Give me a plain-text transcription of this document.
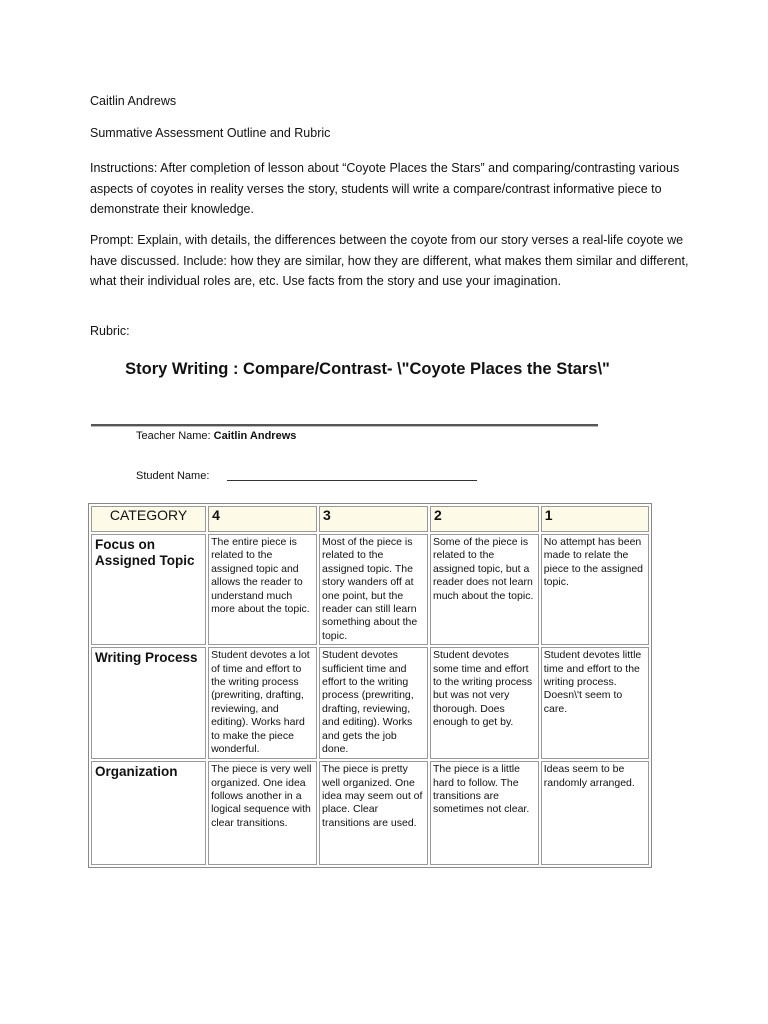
Caitlin Andrews
Summative Assessment Outline and Rubric
Instructions: After completion of lesson about “Coyote Places the Stars” and comparing/contrasting various aspects of coyotes in reality verses the story, students will write a compare/contrast informative piece to demonstrate their knowledge.
Prompt: Explain, with details, the differences between the coyote from our story verses a real-life coyote we have discussed. Include: how they are similar, how they are different, what makes them similar and different, what their individual roles are, etc. Use facts from the story and use your imagination.
Rubric:
Story Writing : Compare/Contrast- \"Coyote Places the Stars\"
Teacher Name: Caitlin Andrews
Student Name:
CATEGORY	4	3	2	1
Focus on Assigned Topic	The entire piece is related to the assigned topic and allows the reader to understand much more about the topic.	Most of the piece is related to the assigned topic. The story wanders off at one point, but the reader can still learn something about the topic.	Some of the piece is related to the assigned topic, but a reader does not learn much about the topic.	No attempt has been made to relate the piece to the assigned topic.
Writing Process	Student devotes a lot of time and effort to the writing process (prewriting, drafting, reviewing, and editing). Works hard to make the piece wonderful.	Student devotes sufficient time and effort to the writing process (prewriting, drafting, reviewing, and editing). Works and gets the job done.	Student devotes some time and effort to the writing process but was not very thorough. Does enough to get by.	Student devotes little time and effort to the writing process. Doesn\'t seem to care.
Organization	The piece is very well organized. One idea follows another in a logical sequence with clear transitions.	The piece is pretty well organized. One idea may seem out of place. Clear transitions are used.	The piece is a little hard to follow. The transitions are sometimes not clear.	Ideas seem to be randomly arranged.
